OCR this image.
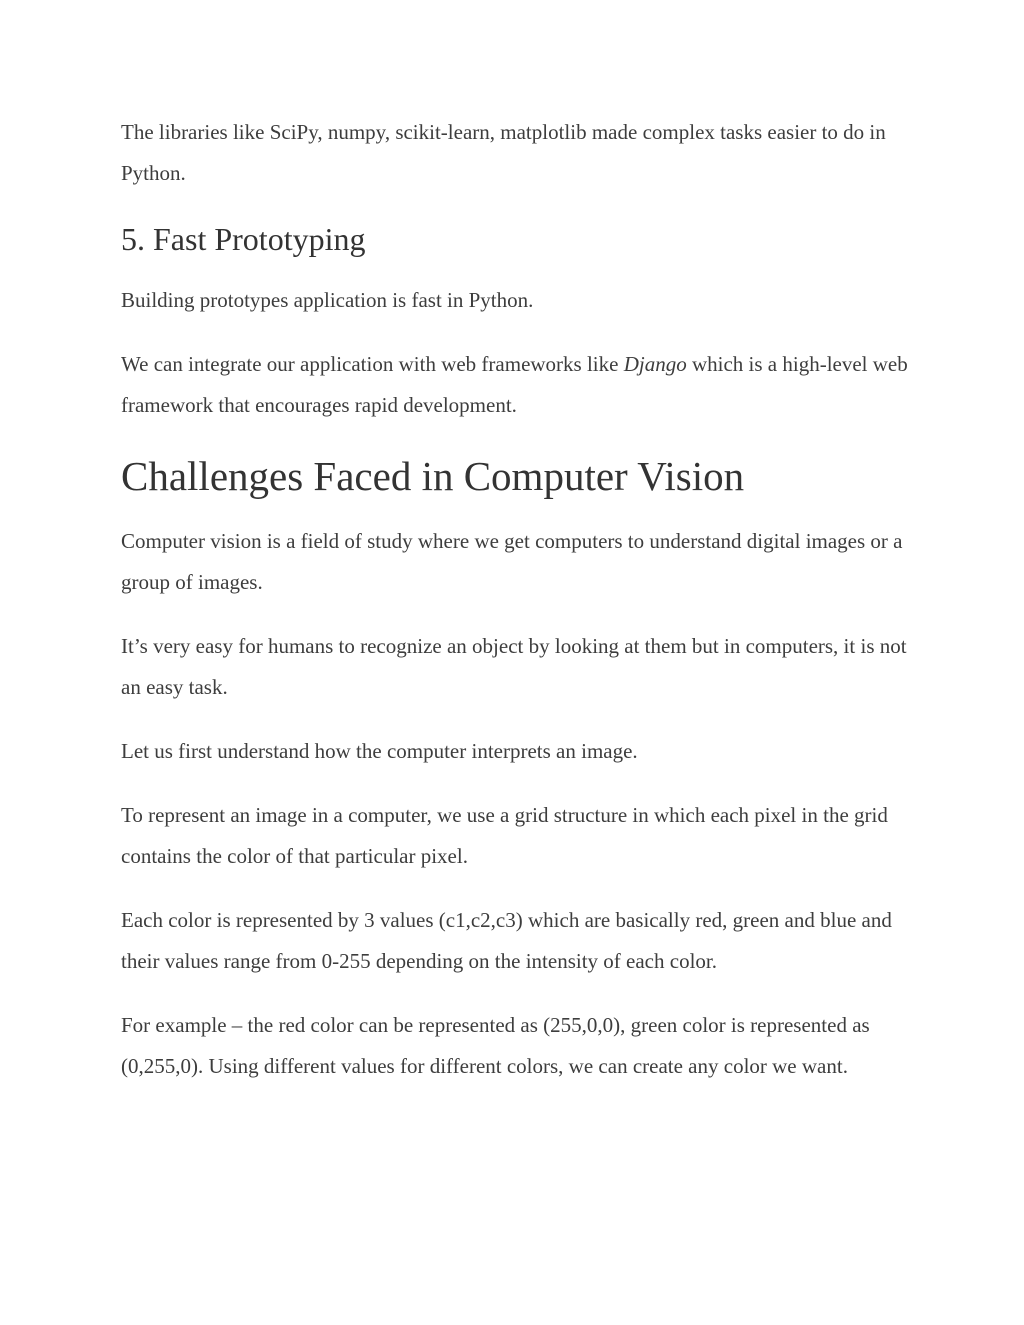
The libraries like SciPy, numpy, scikit-learn, matplotlib made complex tasks easier to do in Python.

5. Fast Prototyping

Building prototypes application is fast in Python.

We can integrate our application with web frameworks like Django which is a high-level web framework that encourages rapid development.

Challenges Faced in Computer Vision

Computer vision is a field of study where we get computers to understand digital images or a group of images.

It’s very easy for humans to recognize an object by looking at them but in computers, it is not an easy task.

Let us first understand how the computer interprets an image.

To represent an image in a computer, we use a grid structure in which each pixel in the grid contains the color of that particular pixel.

Each color is represented by 3 values (c1,c2,c3) which are basically red, green and blue and their values range from 0-255 depending on the intensity of each color.

For example – the red color can be represented as (255,0,0), green color is represented as (0,255,0). Using different values for different colors, we can create any color we want.
